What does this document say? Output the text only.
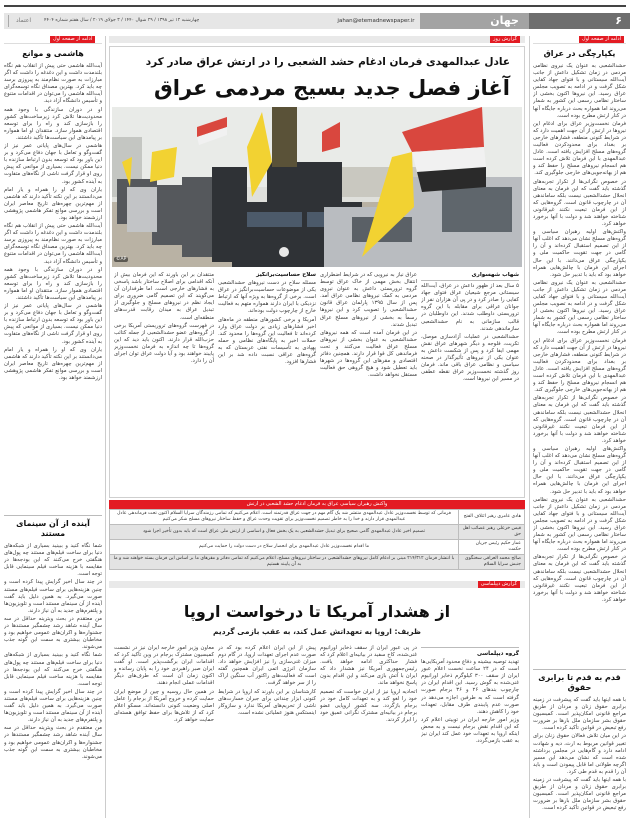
۶
جهان
jahan@etemadnewspaper.ir
چهارشنبه ۱۲ تیر ۱۳۹۸ / ۲۹ شوال ۱۴۴۰ / ۳ جولای ۲۰۱۹ / سال هفتم شماره ۴۴۰۴
اعتماد
ادامه از صفحه اول
یکپارچگی در عراق

حشدالشعبی به عنوان یک نیروی نظامی مردمی در زمان تشکیل داعش از جانب آیت‌الله سیستانی و با فتوای جهاد کفایی شکل گرفت و در ادامه به تصویب مجلس عراق رسید. این نیروها اکنون بخشی از ساختار نظامی رسمی این کشور به شمار می‌روند اما همواره بحث درباره جایگاه آنها در کنار ارتش مطرح بوده است.

فرمان نخست‌وزیر عراق برای ادغام این نیروها در ارتش از آن جهت اهمیت دارد که در شرایط کنونی منطقه، فشارهای خارجی بر بغداد برای محدودکردن فعالیت گروه‌های مسلح افزایش یافته است. عادل عبدالمهدی با این فرمان تلاش کرده است هم انسجام نیروهای مسلح را حفظ کند و هم از بهانه‌جویی‌های خارجی جلوگیری کند.

در خصوص نگرانی‌ها از تکرار تجربه‌های گذشته باید گفت که این فرمان به معنای انحلال حشدالشعبی نیست بلکه ساماندهی آن در چارچوب قانون است. گروه‌هایی که از این فرمان تبعیت نکنند غیرقانونی شناخته خواهند شد و دولت با آنها برخورد خواهد کرد.

واکنش‌های اولیه رهبران سیاسی و گروه‌های مسلح نشان می‌دهد که اغلب آنها از این تصمیم استقبال کرده‌اند و آن را گامی در جهت تقویت حاکمیت ملی و یکپارچگی عراق می‌دانند. با این حال اجرای این فرمان با چالش‌هایی همراه خواهد بود که باید با تدبیر حل شود.

حشدالشعبی به عنوان یک نیروی نظامی مردمی در زمان تشکیل داعش از جانب آیت‌الله سیستانی و با فتوای جهاد کفایی شکل گرفت و در ادامه به تصویب مجلس عراق رسید. این نیروها اکنون بخشی از ساختار نظامی رسمی این کشور به شمار می‌روند اما همواره بحث درباره جایگاه آنها در کنار ارتش مطرح بوده است.

فرمان نخست‌وزیر عراق برای ادغام این نیروها در ارتش از آن جهت اهمیت دارد که در شرایط کنونی منطقه، فشارهای خارجی بر بغداد برای محدودکردن فعالیت گروه‌های مسلح افزایش یافته است. عادل عبدالمهدی با این فرمان تلاش کرده است هم انسجام نیروهای مسلح را حفظ کند و هم از بهانه‌جویی‌های خارجی جلوگیری کند.

در خصوص نگرانی‌ها از تکرار تجربه‌های گذشته باید گفت که این فرمان به معنای انحلال حشدالشعبی نیست بلکه ساماندهی آن در چارچوب قانون است. گروه‌هایی که از این فرمان تبعیت نکنند غیرقانونی شناخته خواهند شد و دولت با آنها برخورد خواهد کرد.

واکنش‌های اولیه رهبران سیاسی و گروه‌های مسلح نشان می‌دهد که اغلب آنها از این تصمیم استقبال کرده‌اند و آن را گامی در جهت تقویت حاکمیت ملی و یکپارچگی عراق می‌دانند. با این حال اجرای این فرمان با چالش‌هایی همراه خواهد بود که باید با تدبیر حل شود.

حشدالشعبی به عنوان یک نیروی نظامی مردمی در زمان تشکیل داعش از جانب آیت‌الله سیستانی و با فتوای جهاد کفایی شکل گرفت و در ادامه به تصویب مجلس عراق رسید. این نیروها اکنون بخشی از ساختار نظامی رسمی این کشور به شمار می‌روند اما همواره بحث درباره جایگاه آنها در کنار ارتش مطرح بوده است.

در خصوص نگرانی‌ها از تکرار تجربه‌های گذشته باید گفت که این فرمان به معنای انحلال حشدالشعبی نیست بلکه ساماندهی آن در چارچوب قانون است. گروه‌هایی که از این فرمان تبعیت نکنند غیرقانونی شناخته خواهند شد و دولت با آنها برخورد خواهد کرد.

قدم به قدم تا برابری حقوق

با همه اینها باید گفت که پیشرفت در زمینه برابری حقوق زنان و مردان از طریق مراجع قانونی امکان‌پذیر است. کمیسیون حقوق بشر سازمان ملل بارها بر ضرورت رفع تبعیض در قوانین تأکید کرده است.

در این میان تلاش فعالان حقوق زنان برای تغییر قوانین مربوط به ارث، دیه و شهادت ادامه دارد و گام‌هایی در مجلس برداشته شده است که نشان می‌دهد این مسیر اگرچه طولانی اما قابل پیمودن است و باید آن را قدم به قدم طی کرد.

با همه اینها باید گفت که پیشرفت در زمینه برابری حقوق زنان و مردان از طریق مراجع قانونی امکان‌پذیر است. کمیسیون حقوق بشر سازمان ملل بارها بر ضرورت رفع تبعیض در قوانین تأکید کرده است.

ادامه از صفحه اول
هاشمی و موانع

آیت‌الله هاشمی حتی پیش از انقلاب هم نگاه بلندمدت داشت و این دغدغه را داشت که اگر مبارزات به صورت نظام‌مند به پیروزی برسد چه باید کرد. بهترین مصداق نگاه توسعه‌گرای آیت‌الله هاشمی را می‌توان در اقدامات متنوع و تأسیس دانشگاه آزاد دید.

او در دوران سازندگی با وجود همه محدودیت‌ها تلاش کرد زیرساخت‌های کشور را بازسازی کند و راه را برای توسعه اقتصادی هموار سازد. منتقدان او اما همواره بر پیامدهای این سیاست‌ها تأکید داشتند.

هاشمی در سال‌های پایانی عمر نیز از گفت‌وگو و تعامل با جهان دفاع می‌کرد و بر این باور بود که توسعه بدون ارتباط سازنده با دنیا ممکن نیست. بسیاری از موانعی که پیش روی او قرار گرفت ناشی از نگاه‌های متفاوت به آینده کشور بود.

یاران وی که او را همراه و یار امام می‌دانستند بر این نکته تأکید دارند که هاشمی از مهم‌ترین چهره‌های تاریخ معاصر ایران است و بررسی موانع تفکر هاشمی پژوهشی ارزشمند خواهد بود.

آیت‌الله هاشمی حتی پیش از انقلاب هم نگاه بلندمدت داشت و این دغدغه را داشت که اگر مبارزات به صورت نظام‌مند به پیروزی برسد چه باید کرد. بهترین مصداق نگاه توسعه‌گرای آیت‌الله هاشمی را می‌توان در اقدامات متنوع و تأسیس دانشگاه آزاد دید.

او در دوران سازندگی با وجود همه محدودیت‌ها تلاش کرد زیرساخت‌های کشور را بازسازی کند و راه را برای توسعه اقتصادی هموار سازد. منتقدان او اما همواره بر پیامدهای این سیاست‌ها تأکید داشتند.

هاشمی در سال‌های پایانی عمر نیز از گفت‌وگو و تعامل با جهان دفاع می‌کرد و بر این باور بود که توسعه بدون ارتباط سازنده با دنیا ممکن نیست. بسیاری از موانعی که پیش روی او قرار گرفت ناشی از نگاه‌های متفاوت به آینده کشور بود.

یاران وی که او را همراه و یار امام می‌دانستند بر این نکته تأکید دارند که هاشمی از مهم‌ترین چهره‌های تاریخ معاصر ایران است و بررسی موانع تفکر هاشمی پژوهشی ارزشمند خواهد بود.

آینده از آن سینمای مستند

شما نگاه کنید و ببینید بسیاری از شبکه‌های دنیا برای ساخت فیلم‌های مستند چه پول‌های هنگفتی خرج می‌کنند که این بودجه‌ها در مقایسه با هزینه ساخت فیلم سینمایی قابل توجه است.

در چند سال اخیر گرایش پیدا کرده است و چنین هزینه‌هایی برای ساخت فیلم‌های مستند صورت می‌گیرد. به همین دلیل باید گفت آینده از آن سینمای مستند است و تلویزیون‌ها و پلتفرم‌های جدید به آن نیاز دارند.

من معتقدم در بحث ویترینه حداقل در سه سال آینده شاهد رشد چشمگیر مستندها در جشنواره‌ها و اکران‌های عمومی خواهیم بود و مخاطبان بیشتری به سمت این گونه جذب می‌شوند.

شما نگاه کنید و ببینید بسیاری از شبکه‌های دنیا برای ساخت فیلم‌های مستند چه پول‌های هنگفتی خرج می‌کنند که این بودجه‌ها در مقایسه با هزینه ساخت فیلم سینمایی قابل توجه است.

در چند سال اخیر گرایش پیدا کرده است و چنین هزینه‌هایی برای ساخت فیلم‌های مستند صورت می‌گیرد. به همین دلیل باید گفت آینده از آن سینمای مستند است و تلویزیون‌ها و پلتفرم‌های جدید به آن نیاز دارند.

من معتقدم در بحث ویترینه حداقل در سه سال آینده شاهد رشد چشمگیر مستندها در جشنواره‌ها و اکران‌های عمومی خواهیم بود و مخاطبان بیشتری به سمت این گونه جذب می‌شوند.

گزارش روز
عادل عبدالمهدی فرمان ادغام حشد الشعبی را در ارتش عراق صادر کرد
آغاز فصل جدید بسیج مردمی عراق
©AP

شهاب شهسواری

۵ سال بعد از ظهور داعش در عراق، آیت‌الله سیستانی مرجع شیعیان عراق فتوای جهاد کفایی را صادر کرد و در پی آن هزاران نفر از جوانان عراقی برای مقابله با این گروه تروریستی داوطلب شدند. این داوطلبان در قالب سازمانی به نام حشدالشعبی سازماندهی شدند.

حشدالشعبی در عملیات آزادسازی موصل، تکریت، فلوجه و دیگر شهرهای عراق نقش مهمی ایفا کرد و پس از شکست داعش به عنوان یکی از نیروهای تأثیرگذار در صحنه سیاسی و نظامی عراق باقی ماند. فرمان روز گذشته نخست‌وزیر عراق نقطه عطفی در مسیر این نیروها است.

عراق نیاز به نیرویی که در شرایط اضطراری انتقال بخش مهمی از خاک عراق توسط گروه تروریستی داعش به عنوان نیروی مردمی به کمک نیروهای نظامی عراق آمد. پس از سال ۱۳۹۵ پارلمان عراق قانون حشدالشعبی را تصویب کرد و این نیروها رسماً به بخشی از نیروهای مسلح عراق تبدیل شدند.

در این فرمان آمده است که همه نیروهای حشدالشعبی به عنوان بخشی از نیروهای مسلح عراق فعالیت می‌کنند و تحت فرماندهی کل قوا قرار دارند. همچنین دفاتر اقتصادی و مقرهای این گروه‌ها در شهرها باید تعطیل شود و هیچ گروهی حق فعالیت مستقل نخواهد داشت.

سلاح حساسیت‌برانگیز

مسئله سلاح در دست نیروهای حشدالشعبی یکی از موضوعات حساسیت‌برانگیز در عراق است. برخی از گروه‌ها به ویژه آنها که ارتباط نزدیکی با ایران دارند همواره متهم به فعالیت خارج از چارچوب دولت بوده‌اند.

آمریکا و برخی کشورهای منطقه در ماه‌های اخیر فشارهای زیادی بر دولت عراق وارد کرده‌اند تا فعالیت این گروه‌ها را محدود کند. حملات اخیر به پایگاه‌های نظامی و حمله پهپادی به تأسیسات نفتی عربستان که به گروه‌های عراقی نسبت داده شد بر این فشارها افزود.

منتقدان بر این باورند که این فرمان بیش از آنکه اقدامی برای اصلاح ساختار باشد پاسخی به فشارهای خارجی است. اما طرفداران آن می‌گویند که این تصمیم گامی ضروری برای ایجاد نظم در نیروهای مسلح و جلوگیری از تبدیل عراق به میدان رقابت قدرت‌های منطقه‌ای است.

در فهرست گروه‌های تروریستی آمریکا برخی از گروه‌های عضو حشدالشعبی از جمله کتائب حزب‌الله قرار دارند. اکنون باید دید که این گروه‌ها تا چه اندازه به فرمان نخست‌وزیر پایبند خواهند بود و آیا دولت عراق توان اجرای آن را دارد.

واکنش رهبران سیاسی عراق به فرمان ادغام حشد الشعبی در ارتش
هادی عامری رهبر ائتلاف الفتح	فرمانی که توسط نخست‌وزیر عادل عبدالمهدی منتشر شد یک گام مهم در جهت عراق قدرتمند است. اعلام می‌کنیم که تمامی رزمندگان سرایا السلام اکنون تحت فرماندهی عادل عبدالمهدی قرار دارند و خدا را به خاطر تصمیم نخست‌وزیر برای تقویت وحدت عراق و حفظ ساختار نیروهای مسلح شکر می‌کنیم
قیس خزعلی رهبر عصائب اهل حق	تصمیم اخیر عادل عبدالمهدی گامی صحیح برای تبدیل حشدالشعبی به یک بخش فعال و اساسی از ارتش ملی عراق است که باید بدون تأخیر اجرا شود
عمار حکیم رئیس جریان حکمت	ما اقدام نخست‌وزیر عادل عبدالمهدی برای انحصار سلاح در دست دولت را حمایت می‌کنیم
صالح محمد العراقی سخنگوی جنبش سرایا السلام	با انتشار فرمان ۲۱۴/۳۱۲ مبنی بر ادغام کامل نیروهای حشدالشعبی در ساختار نیروهای مسلح، اعلام می‌کنیم که تمامی دفاتر و مقرهای ما بر اساس این فرمان بسته خواهند شد و ما به آن پایبند هستیم
گزارش دیپلماسی
از هشدار آمریکا تا درخواست اروپا
ظریف: اروپا به تعهداتش عمل کند، به عقب بازمی گردیم

گروه دیپلماسی

تهدید توصیه بیشینه و دفاع محدود آمریکایی‌ها است که در ۲۴ ساعت نخست اعلام عبور ایران از سقف ۳۰۰ کیلوگرم ذخایر اورانیوم غنی‌شده به گوش رسید. این اقدام ایران در چارچوب بندهای ۲۶ و ۳۶ برجام صورت گرفته است که به طرفین اجازه می‌دهد در صورت عدم پایبندی طرف مقابل، تعهدات خود را کاهش دهند.

وزیر امور خارجه ایران در توییتی اعلام کرد که این اقدام نقض برجام نیست و به محض اینکه اروپا به تعهدات خود عمل کند ایران نیز به عقب بازمی‌گردد.

در پی عبور ایران از سقف ذخایر اورانیوم غنی‌شده، کاخ سفید در بیانیه‌ای اعلام کرد که فشار حداکثری ادامه خواهد یافت. رئیس‌جمهوری آمریکا نیز هشدار داد که ایران با آتش بازی می‌کند و این اقدام بدون پاسخ نخواهد ماند.

اتحادیه اروپا نیز از ایران خواست که تصمیم خود را لغو کند و به تعهدات کامل خود در برجام بازگردد. سه کشور اروپایی عضو برجام در بیانیه‌ای مشترک نگرانی عمیق خود را ابراز کردند.

پیش از این ایران اعلام کرده بود که در صورت عدم اجرای تعهدات اروپا، در گام دوم میزان غنی‌سازی را نیز افزایش خواهد داد. سازمان انرژی اتمی ایران همچنین گفته است که فعالیت‌های راکتور آب سنگین اراک را از سر خواهد گرفت.

کارشناسان بر این باورند که اروپا در شرایط کنونی ابزار چندانی برای جبران خسارت‌های ناشی از تحریم‌های آمریکا ندارد و سازوکار اینستکس هنوز عملیاتی نشده است.

معاون وزیر امور خارجه ایران نیز در نشست کمیسیون مشترک برجام در وین تأکید کرد که اقدامات ایران برگشت‌پذیر است. او گفت ایران صبر راهبردی خود را به پایان رسانده و اکنون زمان آن است که طرف‌های دیگر اقدامات عملی انجام دهند.

در همین حال روسیه و چین از موضع ایران حمایت کرده و خروج آمریکا از برجام را عامل اصلی وضعیت کنونی دانسته‌اند. مسکو اعلام کرد که از تلاش‌ها برای حفظ توافق هسته‌ای حمایت خواهد کرد.
